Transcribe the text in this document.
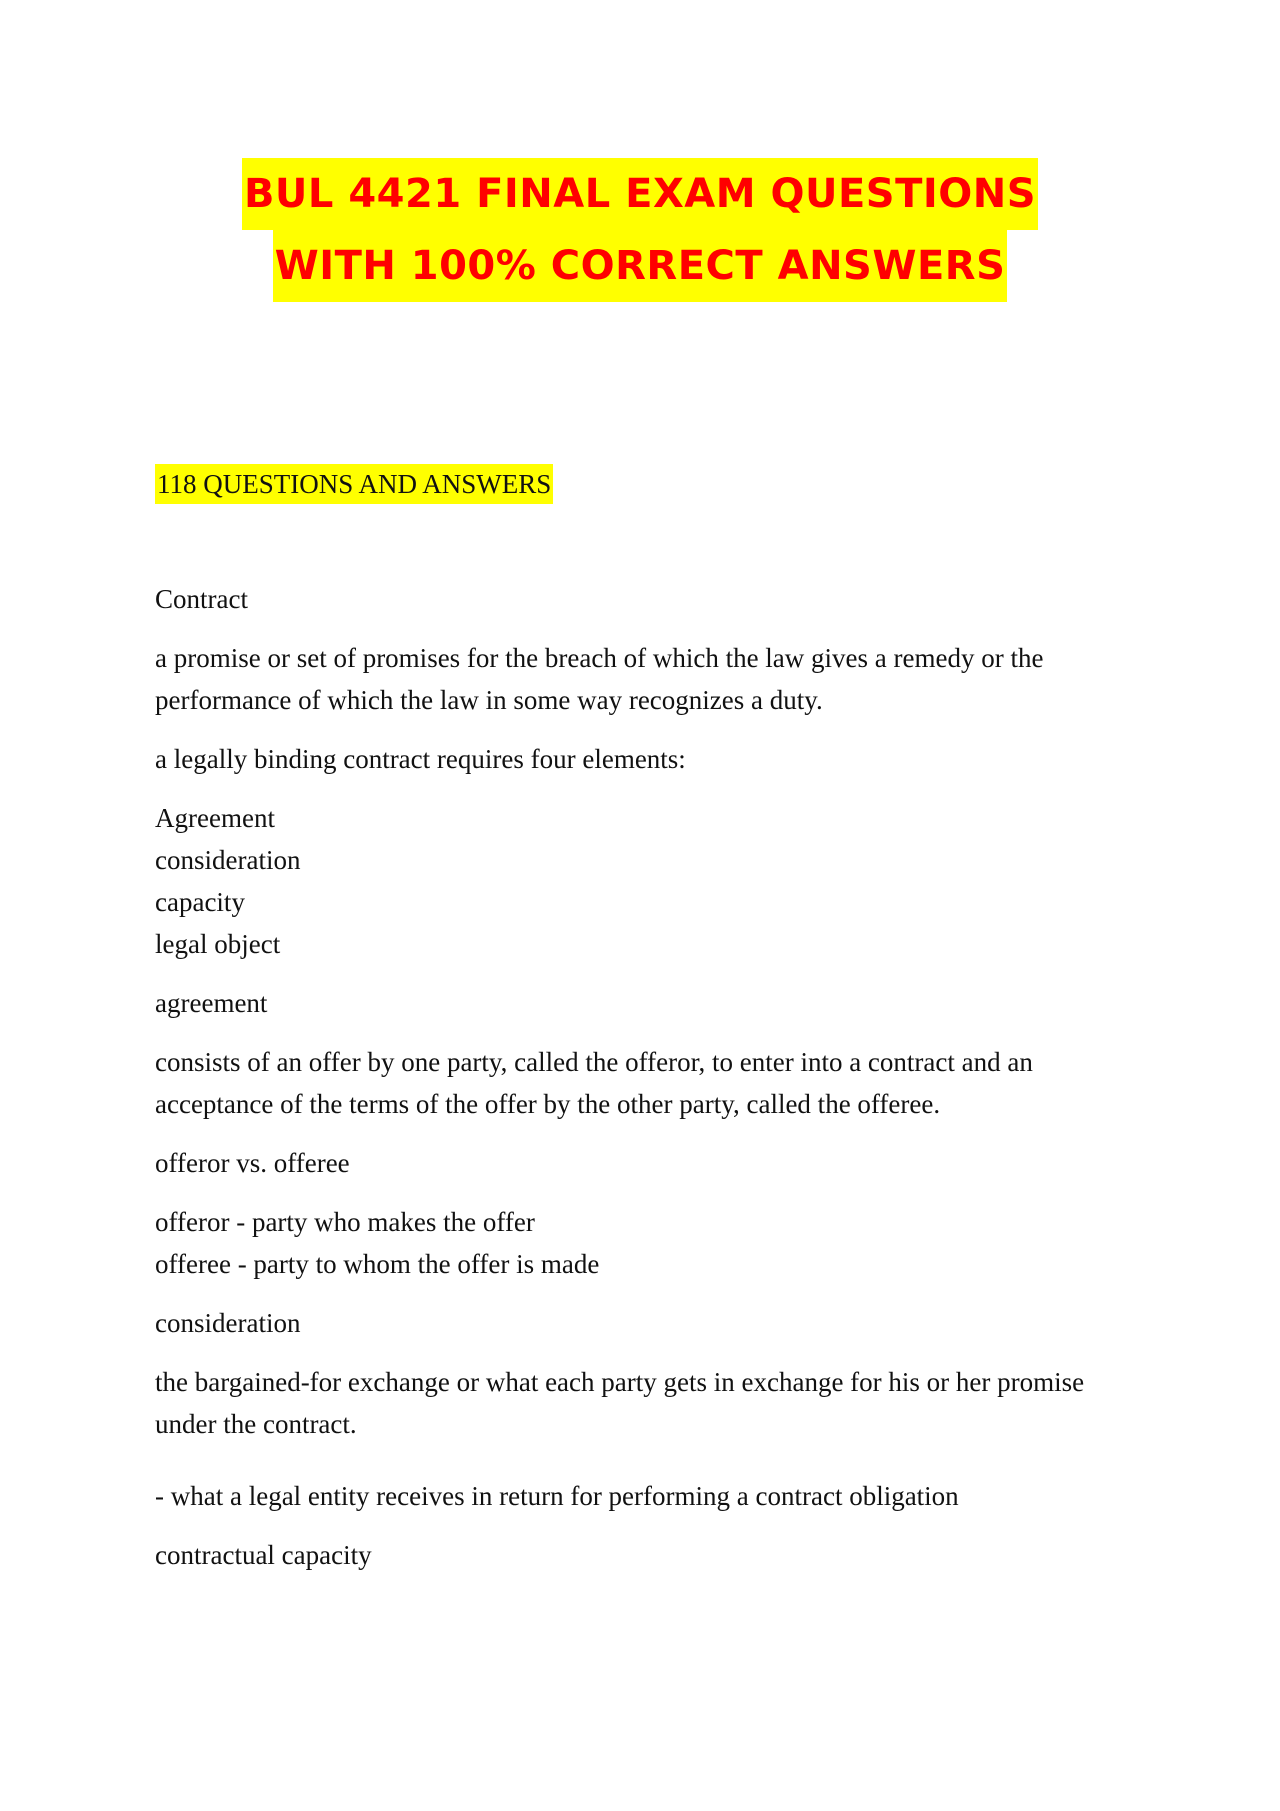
BUL 4421 FINAL EXAM QUESTIONS
WITH 100% CORRECT ANSWERS
118 QUESTIONS AND ANSWERS

Contract

a promise or set of promises for the breach of which the law gives a remedy or the performance of which the law in some way recognizes a duty.

a legally binding contract requires four elements:

Agreement
consideration
capacity
legal object

agreement

consists of an offer by one party, called the offeror, to enter into a contract and an acceptance of the terms of the offer by the other party, called the offeree.

offeror vs. offeree

offeror - party who makes the offer
offeree - party to whom the offer is made

consideration

the bargained-for exchange or what each party gets in exchange for his or her promise under the contract.

- what a legal entity receives in return for performing a contract obligation

contractual capacity
